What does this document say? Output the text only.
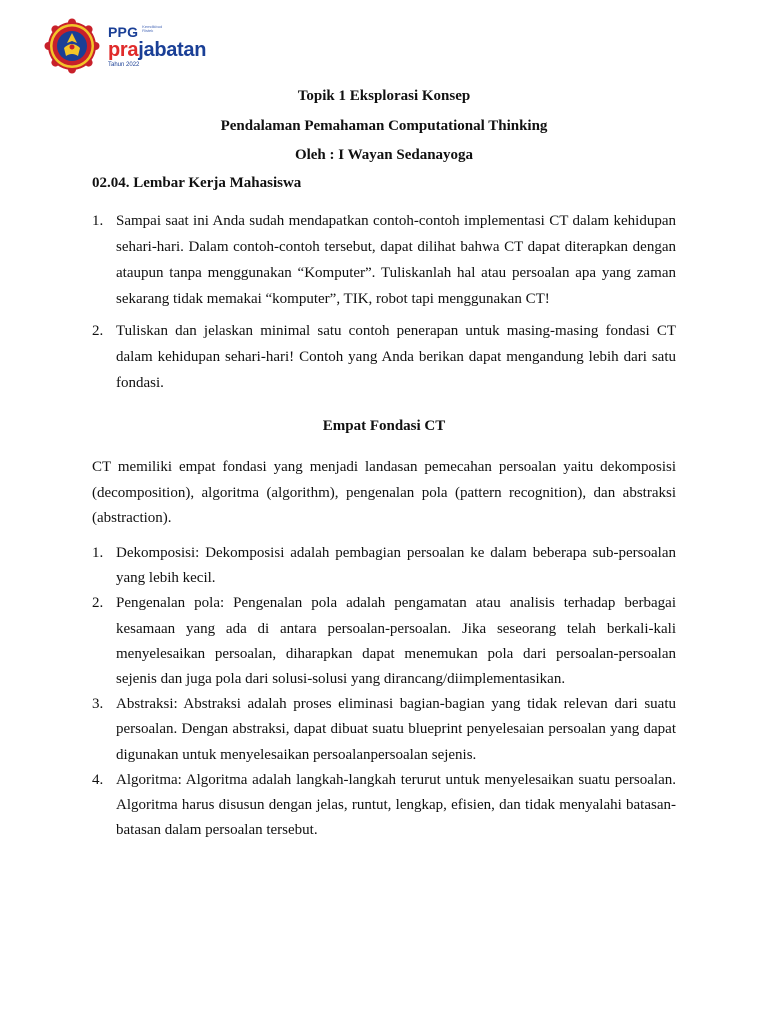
PPG Kemdikbud Ristek
prajabatan
Tahun 2022
Topik 1 Eksplorasi Konsep
Pendalaman Pemahaman Computational Thinking
Oleh : I Wayan Sedanayoga
02.04. Lembar Kerja Mahasiswa
1. Sampai saat ini Anda sudah mendapatkan contoh-contoh implementasi CT dalam kehidupan sehari-hari. Dalam contoh-contoh tersebut, dapat dilihat bahwa CT dapat diterapkan dengan ataupun tanpa menggunakan “Komputer”. Tuliskanlah hal atau persoalan apa yang zaman sekarang tidak memakai “komputer”, TIK, robot tapi menggunakan CT!
2. Tuliskan dan jelaskan minimal satu contoh penerapan untuk masing-masing fondasi CT dalam kehidupan sehari-hari! Contoh yang Anda berikan dapat mengandung lebih dari satu fondasi.
Empat Fondasi CT

CT memiliki empat fondasi yang menjadi landasan pemecahan persoalan yaitu dekomposisi (decomposition), algoritma (algorithm), pengenalan pola (pattern recognition), dan abstraksi (abstraction).

1. Dekomposisi: Dekomposisi adalah pembagian persoalan ke dalam beberapa sub-persoalan yang lebih kecil.
2. Pengenalan pola: Pengenalan pola adalah pengamatan atau analisis terhadap berbagai kesamaan yang ada di antara persoalan-persoalan. Jika seseorang telah berkali-kali menyelesaikan persoalan, diharapkan dapat menemukan pola dari persoalan-persoalan sejenis dan juga pola dari solusi-solusi yang dirancang/diimplementasikan.
3. Abstraksi: Abstraksi adalah proses eliminasi bagian-bagian yang tidak relevan dari suatu persoalan. Dengan abstraksi, dapat dibuat suatu blueprint penyelesaian persoalan yang dapat digunakan untuk menyelesaikan persoalanpersoalan sejenis.
4. Algoritma: Algoritma adalah langkah-langkah terurut untuk menyelesaikan suatu persoalan. Algoritma harus disusun dengan jelas, runtut, lengkap, efisien, dan tidak menyalahi batasan-batasan dalam persoalan tersebut.
